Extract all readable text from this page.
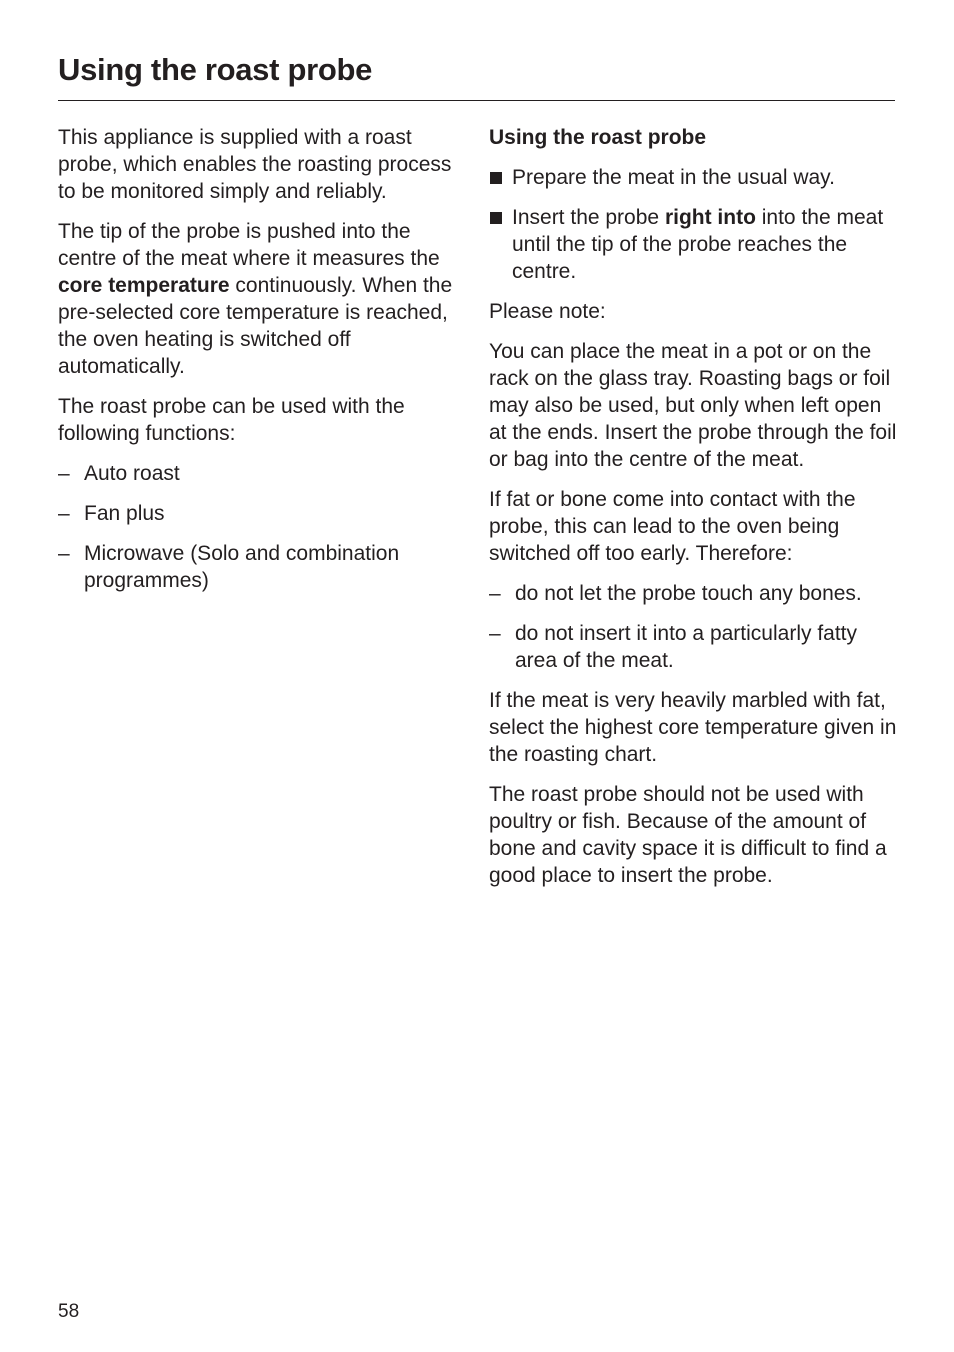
Using the roast probe

This appliance is supplied with a roast probe, which enables the roasting process to be monitored simply and reliably.

The tip of the probe is pushed into the centre of the meat where it measures the core temperature continuously. When the pre-selected core temperature is reached, the oven heating is switched off automatically.

The roast probe can be used with the following functions:

– Auto roast
– Fan plus
– Microwave (Solo and combination programmes)

Using the roast probe

Prepare the meat in the usual way.
Insert the probe right into into the meat until the tip of the probe reaches the centre.

Please note:

You can place the meat in a pot or on the rack on the glass tray. Roasting bags or foil may also be used, but only when left open at the ends. Insert the probe through the foil or bag into the centre of the meat.

If fat or bone come into contact with the probe, this can lead to the oven being switched off too early. Therefore:

– do not let the probe touch any bones.
– do not insert it into a particularly fatty area of the meat.

If the meat is very heavily marbled with fat, select the highest core temperature given in the roasting chart.

The roast probe should not be used with poultry or fish. Because of the amount of bone and cavity space it is difficult to find a good place to insert the probe.

58
